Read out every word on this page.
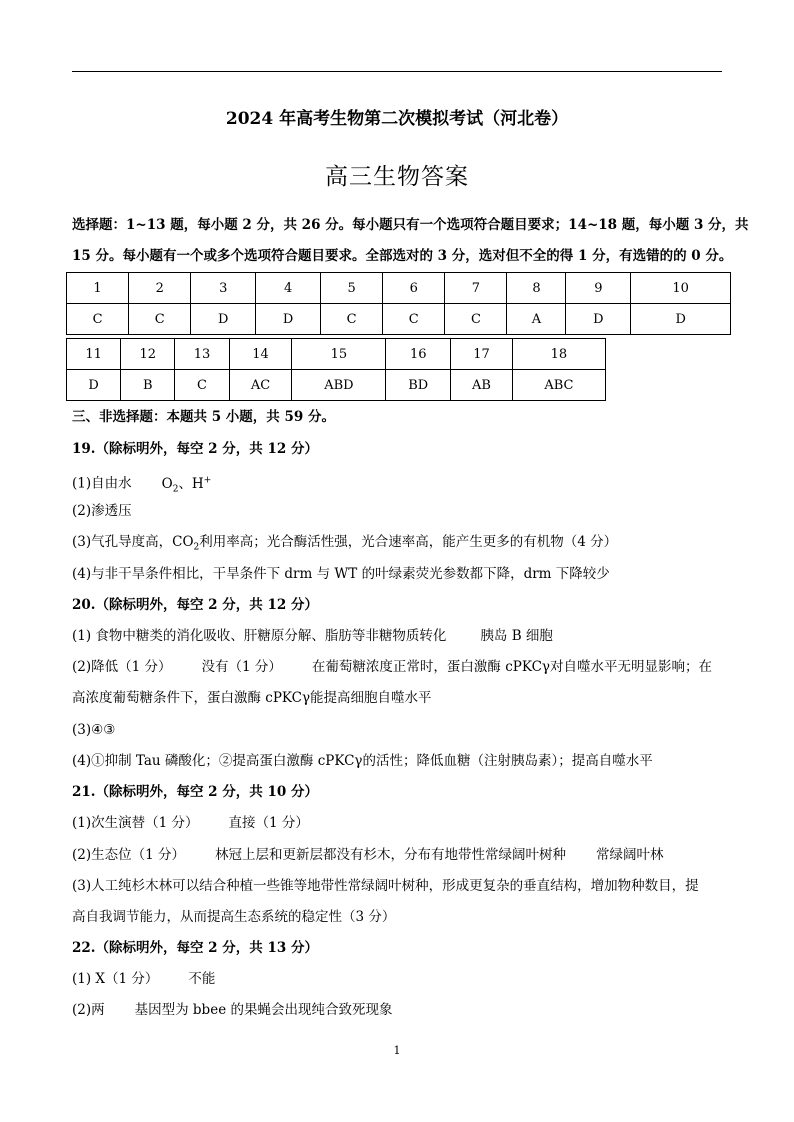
2024 年高考生物第二次模拟考试（河北卷）
高三生物答案
选择题：1~13 题，每小题 2 分，共 26 分。每小题只有一个选项符合题目要求；14~18 题，每小题 3 分，共
15 分。每小题有一个或多个选项符合题目要求。全部选对的 3 分，选对但不全的得 1 分，有选错的的 0 分。
1	2	3	4	5	6	7	8	9	10
C	C	D	D	C	C	C	A	D	D
11	12	13	14	15	16	17	18
D	B	C	AC	ABD	BD	AB	ABC
三、非选择题：本题共 5 小题，共 59 分。
19.（除标明外，每空 2 分，共 12 分）
(1)自由水 $O_2$、H+
(2)渗透压
(3)气孔导度高，$CO_2$利用率高；光合酶活性强，光合速率高，能产生更多的有机物（4 分）
(4)与非干旱条件相比，干旱条件下 drm 与 WT 的叶绿素荧光参数都下降，drm 下降较少
20.（除标明外，每空 2 分，共 12 分）
(1) 食物中糖类的消化吸收、肝糖原分解、脂肪等非糖物质转化	胰岛 B 细胞
(2)降低（1 分） 没有（1 分） 在葡萄糖浓度正常时，蛋白激酶 cPKCγ对自噬水平无明显影响；在
高浓度葡萄糖条件下，蛋白激酶 cPKCγ能提高细胞自噬水平
(3)④③
(4)①抑制 Tau 磷酸化；②提高蛋白激酶 cPKCγ的活性；降低血糖（注射胰岛素）；提高自噬水平
21.（除标明外，每空 2 分，共 10 分）
(1)次生演替（1 分） 直接（1 分）
(2)生态位（1 分） 林冠上层和更新层都没有杉木，分布有地带性常绿阔叶树种 常绿阔叶林
(3)人工纯杉木林可以结合种植一些锥等地带性常绿阔叶树种，形成更复杂的垂直结构，增加物种数目，提
高自我调节能力，从而提高生态系统的稳定性（3 分）
22.（除标明外，每空 2 分，共 13 分）
(1) X（1 分） 不能
(2)两 基因型为 bbee 的果蝇会出现纯合致死现象
1
